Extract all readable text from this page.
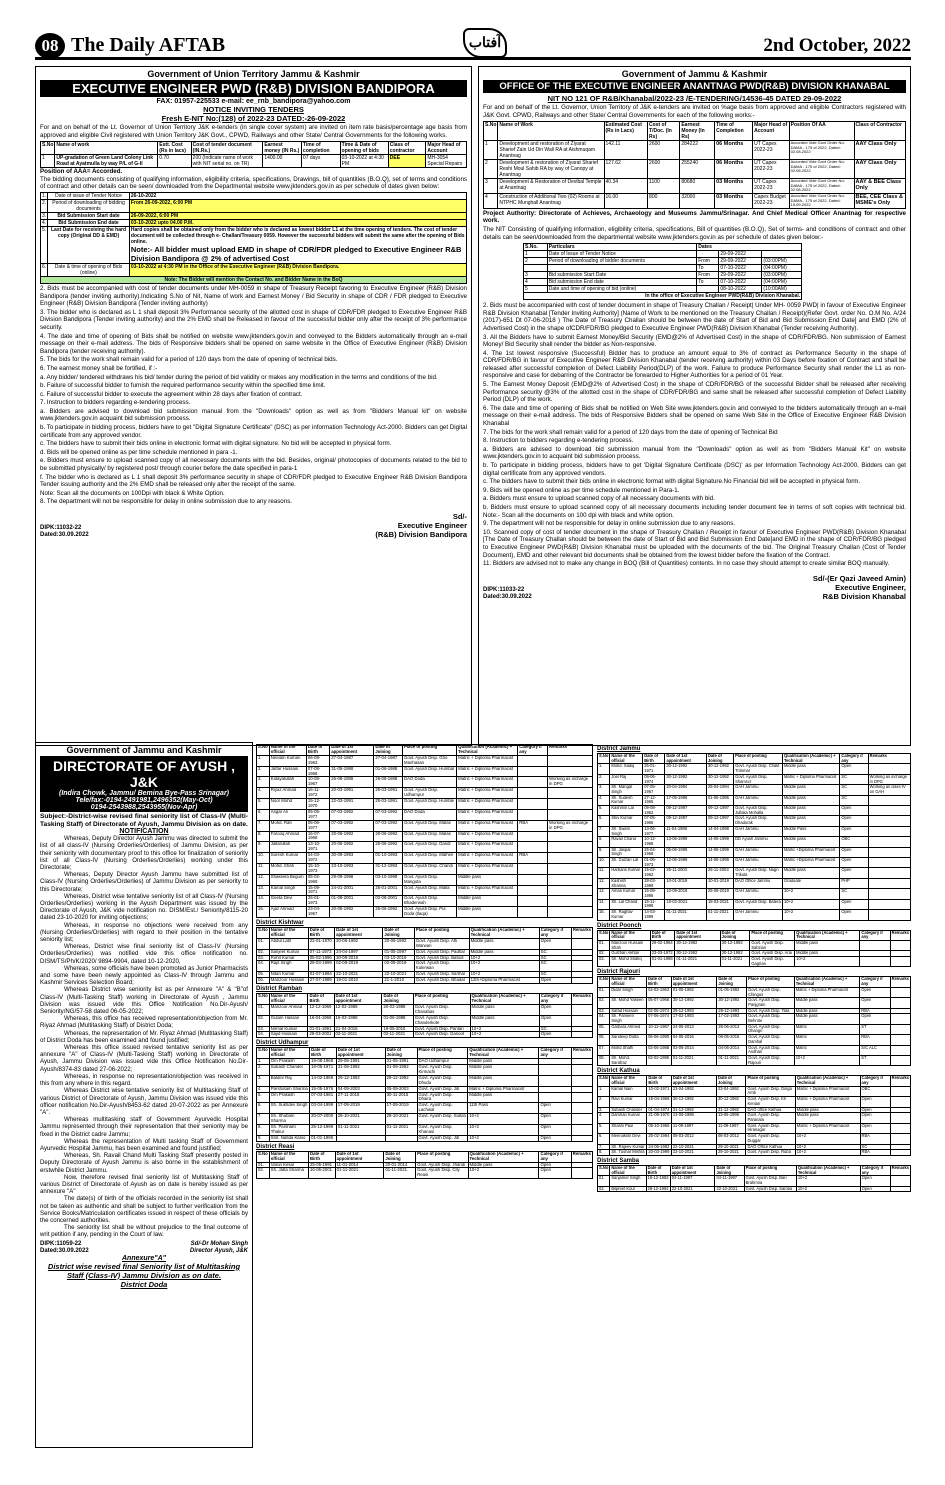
08 The Daily AFTAB	آفتاب	2nd October, 2022
Government of Union Territory Jammu & Kashmir
EXECUTIVE ENGINEER PWD (R&B) DIVISION BANDIPORA
FAX: 01957-225533 e-mail: ee_rnb_bandipora@yahoo.com
NOTICE INVITING TENDERS
Fresh E-NIT No:(128) of 2022-23 DATED:-26-09-2022
For and on behalf of the Lt. Governor of Union Territory J&K e-tenders (in single cover system) are invited on item rate basis/percentage age basis from approved and eligible Civil registered with Union Territory J&K Govt., CPWD, Railways and other State/ Central Governments for the following works.
S.No	Name of work	Estt. Cost (Rs in lacs)	Cost of tender document (IN.Rs.)	Earnest money (IN Rs.)	Time of completion	Time & Date of opening of bids	Class of contractor	Major Head of Account
1	UP-gradation of Green Land Colony Link Road at Ayatmulla by way P/L of G-II	0.70	200 (Indicate name of work with NIT serial no. on TR)	1400.00	07 days	03-10-2022 at 4:30 PM	DEE	MH-3054 Special Repairs
Position of AAA= Accorded.
The bidding documents consisting of qualifying information, eligibility criteria, specifications, Drawings, bill of quantities (B.O.Q), set of terms and conditions of contract and other details can be seen/ downloaded from the Departmental website www.jktenders.gov.in as per schedule of dates given below:
1.	Date of issue of Tender Notice	26-10-2022
2.	Period of downloading of bidding documents	From 26-09-2022, 6:00 PM
3.	Bid Submission Start date	26-09-2022, 6:00 PM
4.	Bid Submission End date	03-10-2022 upto 04.00 P.M.
5.	Last Date for receiving the hard copy (Original DD & EMD)	Hard copies shall be obtained only from the bidder who is declared as lowest bidder L1 at the time opening of tenders. The cost of tender document will be collected through e- Challan/Treasury 0059. However the successful bidders will submit the same after the opening of Bids online.
Note:- All bidder must upload EMD in shape of CDR/FDR pledged to Executive Engineer R&B Division Bandipora @ 2% of advertised Cost

6.	Date & time of opening of Bids (online)	03-10-2022 at 4:30 PM in the Office of the Executive Engineer (R&B) Division Bandipora.
Note: The Bidder will mention the Contact No. and Bidder Name in the BoQ		
2. Bids must be accompanied with cost of tender documents under MH-0059 in shape of Treasury Receipt favoring to Executive Engineer (R&B) Division Bandipora (tender inviting authority).Indicating S.No of Nit, Name of work and Earnest Money / Bid Security in shape of CDR / FDR pledged to Executive Engineer (R&B) Division Bandipora (Tender inviting authority)
3. The bidder who is declared as L 1 shall deposit 3% Performance security of the allotted cost in shape of CDR/FDR pledged to Executive Engineer R&B Division Bandipora (Tender inviting authority) and the 2% EMD shall be Released in favour of the successful bidder only after the receipt of 3% performance security.
4. The date and time of opening of Bids shall be notified on website www.jktenders.gov.in and conveyed to the Bidders automatically through an e-mail message on their e-mail address. The bids of Responsive bidders shall be opened on same website in the Office of Executive Engineer (R&B) Division Bandipora (tender receiving authority).
5. The bids for the work shall remain valid for a period of 120 days from the date of opening of technical bids.
6. The earnest money shall be fortified, if :-
a. Any bidder/ tendered withdraws his bid/ tender during the period of bid validity or makes any modification in the terms and conditions of the bid.
b. Failure of successful bidder to furnish the required performance security within the specified time limit.
c. Failure of successful bidder to execute the agreement within 28 days after fixation of contract.
7. Instruction to bidders regarding e-tendering process.
a. Bidders are advised to download bid submission manual from the "Downloads" option as well as from "Bidders Manual kit" on website www.jktenders.gov.in acquaint bid submission process.
b. To participate in bidding process, bidders have to get "Digital Signature Certificate" (DSC) as per information Technology Act-2000. Bidders can get Digital certificate from any approved vendor.
c. The bidders have to submit their bids online in electronic format with digital signature. No bid will be accepted in physical form.
d. Bids will be opened online as per time schedule mentioned in para -1.
e. Bidders must ensure to upload scanned copy of all necessary documents with the bid. Besides, original/ photocopies of documents related to the bid to be submitted physically/ by registered post/ through courier before the date specified in para-1
f. The bidder who is declared as L 1 shall deposit 3% performance security in shape of CDR/FDR pledged to Executive Engineer R&B Division Bandipora Tender issuing authority and the 2% EMD shall be released only after the receipt of the same.
Note: Scan all the documents on 100Dpi with black & White Option.
8. The department will not be responsible for delay in online submission due to any reasons.
Sd/-
Executive Engineer
(R&B) Division Bandipora
DIPK:11032-22
Dated:30.09.2022
Government of Jammu & Kashmir
OFFICE OF THE EXECUTIVE ENGINEER ANANTNAG PWD(R&B) DIVISION KHANABAL
NIT NO 121 OF R&B/Khanabal/2022-23 /E-TENDERING/14536-45 DATED 29-09-2022
For and on behalf of the Lt. Governor, Union Territory of J&K e-tenders are invited on %age basis from approved and eligible Contractors registered with J&K Govt. CPWD, Railways and other State/ Central Governments for each of the following works:-
S.No	Name of Work	Estimated Cost (Rs in Lacs)	Cost of T/Doc. (In Rs)	Earnest Money (In Rs)	Time of Completion	Major Head of Account	Position Of AA	Class of Contractor
1	Development and restoration of Ziyarat Sharief Zain Ud Din Wali RA at Aishmuqam Anantnag	142.11	2600	284222	06 Months	UT Capex 2022-23	Accorded Vide Govt Order No: DAMA - 175 of 2022, Dated: 02.08.2022	AAY Class Only
2	Development & restoration of Ziyarat Sharief Reshi Moul Sahib RA by way of Canopy at Anantnag	127.62	2600	255240	06 Months	UT Capex 2022-23	Accorded Vide Govt Order No: DAMA - 175 of 2022, Dated: 02.08.2022	AAY Class Only
3	Development & Restoration of Devibal Temple at Anantnag	40.34	1100	80680	03 Months	UT Capex 2022-23	Accorded Vide Govt Order No: DAMA - 175 of 2022, Dated: 02.08.2022	AAY & BEE Class Only
4	Construction of Additional Two (02) Rooms at NTPHC Munghall Anantnag	16.00	800	32000	03 Months	Capex Budget 2022-23	Accorded Vide Govt Order No: DAMA - 175 of 2022, Dated: 15.09.2022	BEE, CEE Class & MSME's Only
Project Authority: Directorate of Achieves, Archaeology and Museums Jammu/Srinagar. And Chief Medical Officer Anantnag for respective work.
The NIT Consisting of qualifying information, eligibility criteria, specifications, Bill of quantities (B.O.Q), Set of terms- and conditions of contract and other details can be seen/downloaded from the departmental website www.jktenders.gov.in as per schedule of dates given below:-
S.No.	Particulars	Dates		
1	Date of Issue of Tender Notice		29-09-2022	
2	Period of downloading of bidder documents	From	29-09-2022	(03:00PM)
		To	07-10-2022	(04:00PM)
3	Bid submission Start Date	From	29-09-2022	(03:00PM)
4	Bid submission End date	To	07-10-2022	(04:00PM)
5	Date and time of opening of bid (online)		08-10-2022	(10:00AM)
In the office of Executive Engineer PWD(R&B) Division Khanabal.				
2. Bids must be accompanied with cost of tender document in shape of Treasury Challan / Receipt| Under MH- 0059 PWD| in favour of Executive Engineer R&B Division Khanabal [Tender Inviting Authority] (Name of Work to be mentioned on the Treasury Challan / Receipt)(Refer Govt. order No. O.M No. A/24 (2017)-651 Dt 07-06-2018 ) The Date of Treasury Challan should be between the date of Start of Bid and Bid Submission End Date] and EMD (2% of Advertised Cost) in the shape ofCDR/FDR/BG pledged to Executive Engineer PWD(R&B) Division Khanabal (Tender receiving Authority).
3. All the Bidders have to submit Earnest Money/Bid Security (EMD@2% of Advertised Cost) in the shape of CDR/FDR/BG. Non submission of Earnest Money/ Bid Security shall render the bidder as Non-responsive.
4. The 1st lowest responsive (Successful) Bidder has to produce an amount equal to 3% of contract as Performance Security in the shape of CDR/FDR/BG in favour of Executive Engineer R&B Division Khanabal (tender receiving authority) within 03 Days before fixation of Contract and shall be released after successful completion of Defect Liability Period(DLP) of the work. Failure to produce Performance Security shall render the L1 as non-responsive and case for debarring of the Contractor be forwarded to Higher Authorities for a period of 01 Year.
5. The Earnest Money Deposit (EMD@2% of Advertised Cost) in the shape of CDR/FDR/BG of the successful Bidder shall be released after receiving Performance security @3% of the allotted cost in the shape of CDR/FDR/BG and same shall be released after successful completion of Defect Liability Period (DLP) of the work.
6. The date and time of opening of Bids shall be notified on Web Site www.jktenders.gov.in and conveyed to the bidders automatically through an e-mail message on their e-mail address. The bids of Responsive Bidders shall be opened on same Web Site in the Office of Executive Engineer R&B Division Khanabal
7. The bids for the work shall remain valid for a period of 120 days from the date of opening of Technical Bid
8. Instruction to bidders regarding e-tendering process.
a. Bidders are advised to download bid submission manual from the "Downloads" option as well as from "Bidders Manual Kit" on website www.jktenders.gov.in to acquaint bid submission process.
b. To participate in bidding process, bidders have to get 'Digital Signature Certificate (DSC)' as per Information Technology Act-2000. Bidders can get digital certificate from any approved vendors.
c. The bidders have to submit their bids online in electronic format with digital Signature.No Financial bid will be accepted in physical form.
9. Bids will be opened online as per time schedule mentioned in Para-1.
a. Bidders must ensure to upload scanned copy of all necessary documents with bid.
b. Bidders must ensure to upload scanned copy of all necessary documents including tender document fee in terms of soft copies with technical bid. Note:- Scan all the documents on 100 dpi with black and white option.
9. The department will not be responsible for delay in online submission due to any reasons.
10. Scanned copy of cost of tender document in the shape of Treasury Challan / Receipt in favour of Executive Engineer PWD(R&B) Division Khanabal [The Date of Treasury Challan should be between the date of Start of Bid and Bid Submission End Date]and EMD in the shape of CDR/FDR/BG pledged to Executive Engineer PWD(R&B) Division Khanabal must be uploaded with the documents of the bid. The Original Treasury Challan (Cost of Tender Document), EMD and other relevant bid documents shall be obtained from the lowest bidder before the fixation of the Contract.
11. Bidders are advised not to make any change in BOQ (Bill of Quantities) contents. In no case they should attempt to create similar BOQ manually.
Sd/-(Er Qazi Javeed Amin)
Executive Engineer,
R&B Division Khanabal
DIPK:11033-22
Dated:30.09.2022
Government of Jammu and Kashmir
DIRECTORATE OF AYUSH , J&K
(Indira Chowk, Jammu/ Bemina Bye-Pass Srinagar)
Tele/fax:-0194-2491981,2496352(May-Oct)
0194-2543988,2543955(Nov-Apr)
Subject:-District-wise revised final seniority list of Class-IV (Multi-Tasking Staff) of Directorate of Ayush, Jammu Division as on date.
NOTIFICATION
Whereas, Deputy Director Ayush Jammu was directed to submit the list of all class-IV (Nursing Orderlies/Orderlies) of Jammu Division, as per their seniority with documentary proof to this office for finalization of seniority list of all Class-IV (Nursing Orderlies/Orderlies) working under this Directorate;
Whereas, Deputy Director Ayush Jammu have submitted list of Class-IV (Nursing Orderlies/Orderlies) of Jammu Division as per seniority to this Directorate;
Whereas, District wise tentative seniority list of all Class-IV (Nursing Orderlies/Orderlies) working in the Ayush Department was issued by the Directorate of Ayush, J&K vide notification no. DISM/Est./ Seniority/8115-20 dated 23-10-2020 for inviting objections;
Whereas, in response no objections were received from any (Nursing Orderlies/Orderlies) with regard to their position in the tentative seniority list;
Whereas, District wise final seniority list of Class-IV (Nursing Orderlies/Orderlies) was notified vide this office notification no. DISM/TS/Ph/K/2020/ 9894-9904, dated 10-12-2020,
Whereas, some officials have been promoted as Junior Pharmacists and some have been newly appointed as Class-IV through Jammu and Kashmir Services Selection Board;
Whereas District wise seniority list as per Annexure "A" & "B"of Class-IV (Multi-Tasking Staff) working in Directorate of Ayush , Jammu Division was issued vide this Office Notification No.Dir-Ayush/ Seniority/NG/57-58 dated 06-05-2022;
Whereas, this office has received representation/objection from Mr. Riyaz Ahmad (Multitasking Staff) of District Doda;
Whereas, the representation of Mr. Riyaz Ahmad (Multitasking Staff) of District Doda has been examined and found justified;
Whereas this office issued revised tentative seniority list as per annexure "A" of Class-IV (Multi-Tasking Staff) working in Directorate of Ayush, Jammu Division was issued vide this Office Notification No.Dir-Ayush/8374-83 dated 27-06-2022;
Whereas, in response no representation/objection was received in this from any where in this regard.
Whereas District wise tentative seniority list of Multitasking Staff of various District of Directorate of Ayush, Jammu Division was issued vide this officer notification No.Dir-Ayush/8453-62 dated 20-07-2022 as per Annexure "A".
Whereas multitasking staff of Government Ayurvedic Hospital Jammu represented through their representation that their seniority may be fixed in the District cadre Jammu;
Whereas the representation of Multi tasking Staff of Government Ayurvedic Hospital Jammu, has been examined and found justified;
Whereas, Sh. Ravail Chand Multi Tasking Staff presently posted in Deputy Directorate of Ayush Jammu is also borne in the establishment of erstwhile District Jammu.
Now, therefore revised final seniority list of Multitasking Staff of various District of Directorate of Ayush as on date is hereby issued as per annexure "A"
The date(s) of birth of the officials recorded in the seniority list shall not be taken as authentic and shall be subject to further verification from the Service Books/Matriculation certificates issued in respect of these officials by the concerned authorities.
The seniority list shall be without prejudice to the final outcome of writ petition if any, pending in the Court of law.
DIPK:11059-22
Dated:30.09.2022
Sd/-Dr Mohan Singh
Director Ayush, J&K
Annexure"A"
District wise revised final Seniority list of Multitasking Staff (Class-IV) Jammu Division as on date.
District Doda
S.No	Name of the official	Date of Birth	Date of 1st appointment	Date of Joining	Place of posting	Qualification (Academic) + Technical	Category if any	Remarks
1.	Neelam Kumari	06-08-1963	27-04-1987	27-04-1987	Govt. Ayush Disp. Gho Manhasan	Matric + Diploma Pharmacist		
2.	Jaffar Hussain	07-08-1968	31-05-1988	01-06-1988	Govt. Ayush Disp. Humbal	Matric + Diploma Pharmacist		
3.	Kidayatullah	10-08-1967	26-08-1988	26-08-1988	DAO Doda	Matric + Diploma Pharmacist		Working as incharge in DPG
4.	Riyaz Ahmad	16-11-1972	20-03-1991	25-03-1991	Govt. Ayush Disp. Udhampur	Matric + Diploma Pharmacist		
5.	Noor Mohd	15-12-1970	22-03-1991	25-03-1991	Govt. Ayush Disp. Humble	Matric + Diploma Pharmacist		
6.	Asgar Ali	05-05-1977	07-03-1992	07-03-1992	DAO Doda	Matric + Diploma Pharmacist		
7.	Mohd. Rafi	05-06-1977	07-03-1992	07-03-1992	Govt. Ayush Disp. Malas	Matric + Diploma Pharmacist	RBA	Working as incharge in DPG
8.	Farooq Ahmad	16-07-1968	20-06-1992	20-06-1992	Govt. Ayush Disp. Malas	Matric + Diploma Pharmacist		
9.	Jallarullah	13-10-1971	20-06-1992	25-06-1992	Govt. Ayush Disp. Dandi	Matric + Diploma Pharmacist		
10.	Suresh Kumar	04-03-1972	30-09-1993	01-10-1993	Govt. Ayush Disp. Malheri	Matric + Diploma Pharmacist	RBA	
11.	Mohd. Shafi	15-10-1973	23-10-1993	31-12-1993	Govt. Ayush Disp. Chandi	Matric + Diploma Pharmacist		
12.	Shakeela Begum	05-02-1969	29-09-1998	03-10-1998	Govt. Ayush Disp. Mangota	Middle pass		
13.	Kamal Singh	15-09-1971	24-01-2001	25-01-2001	Govt. Ayush Disp. Malla	Matric + Diploma Pharmacist		
14.	Geeta Devi	26-01-1973	01-08-2001	02-08-2001	Govt. Ayush Disp. Bhaderwah	Middle pass		
15.	Ajaz Ahmad	23-04-1967	20-06-1992	25-06-1992	Govt. Ayush Disp. Pul Doda (Ilaqa)	Middle pass		
District Kishtwar
S.No	Name of the official	Date of Birth	Date of 1st appointment	Date of Joining	Place of posting	Qualification (Academic) + Technical	Category if any	Remarks
01.	Abdul Latif	22-01-1970	20-06-1992	20-06-1992	Govt. Ayush Disp. Afti Warwan	Middle pass	Open	
02.	Sanjeet Kumar	07-11-1973	24-04-1997	01-05-1997	Govt. Ayush Disp. Padhar	Middle pass	SC	
03.	Rohit Kumar	05-02-1996	30-09-2019	03-10-2019	Govt. Ayush Disp. Batoot	10+2	SC	
04.	Rajit Singh	28-03-1999	02-09-2019	02-09-2019	Govt. Ayush Disp. Kulerwan	10+2	SC	
05.	Nitan Kumar	01-07-1994	22-10-2021	22-10-2021	Govt. Ayush Disp. Sarthal	10+2	SC	
06.	Manzoor Hussain	27-07-1989	19-01-2010	21-1-2010	Govt. Ayush Disp. Bhadat	12th+Diploma Pharmacist	Open	
District Ramban
S.No	Name of the official	Date of Birth	Date of 1st appointment	Date of Joining	Place of posting	Qualification (Academic) + Technical	Category if any	Remarks
01.	Manzoor Ahmad	12-12-1969	12-02-1988	20-02-1988	Govt. Ayush Disp. Chanabas	Middle pass	Open	
02.	Gulam Hassan	16-04-1966	16-03-1988	01-06-1988	Govt. Ayush Disp. Chanderkote	Middle pass	Open	
03.	Nirmal Kumar	01-01-1991	21-04-2015	19-05-2015	Govt. Ayush Disp. Pantan	10+2	SC	
04.	Sajid Hussain	28-03-2001	02-11-2021	02-11-2021	Govt. Ayush Disp. Ganoot	10+2	Open	
District Udhampur
S.No	Name of the official	Date of Birth	Date of 1st appointment	Date of Joining	Place of posting	Qualification (Academic) + Technical	Category if any	Remarks
1.	Om Prakash	19-08-1968	29-05-1991	31-05-1991	DAO Udhampur	Middle pass		
2.	Subash Chander	18-05-1971	31-08-1992	01-09-1992	Govt. Ayush Disp. Kirmachi	Middle pass		
3.	Baldev Raj	14-02-1969	29-12-1992	29-12-1992	Govt. Ayush Disp. Dhudu	Middle pass		
4.	Parshotam Sharma	15-05-1976	04-09-2003	05-09-2003	Govt. Ayush Disp. Jib	Matric + Diploma Pharmacist		
5.	Om Prakash	07-03-1981	27-11-2015	30-11-2015	Govt. Ayush Disp. Dhaira	Middle pass		
6.	Sh. Sukhdev Singh	03-04-1999	17-09-2019	17-09-2019	Govt. Ayush Disp. Lachwal	11th Pass	Open	
7.	Sh. Shubam Sharma	20-07-2000	28-10-2021	28-10-2021	Govt. Ayush Disp. Sultan	10+2	Open	
8.	Sh. Parshant Thakur	25-12-1999	01-11-2021	01-11-2021	Govt. Ayush Disp. Khanasi	10+2	Open	
9.	Smt. Nafida Kaloo	01-01-1996			Govt. Ayush Disp. Jib	10+2	Open	
District Reasi
S.No	Name of the official	Date of Birth	Date of 1st appointment	Date of Joining	Place of posting	Qualification (Academic) + Technical	Category if any	Remarks
01.	Varun Kesar	25-05-1991	11-01-2014	20-01-2014	Govt. Ayush Disp. Jhandi	Middle pass	Open	
02.	Sh. Jatta Sharma	16-06-2001	01-11-2021	01-11-2021	Govt. Ayush Disp. City Reasi	10+2	Open	
District Jammu
S.No	Name of the official	Date of Birth	Date of 1st appointment	Date of Joining	Place of posting	Qualification (Academic) + Technical	Category if any	Remarks
1.	Mohd. Sadiq	26-01-1971	30-12-1992	30-12-1992	Govt. Ayush Disp. Chakt Trimmar	Middle pass	Open	
2.	Joel Raj	09-06-1974	30-12-1992	30-12-1992	Govt. Ayush Disp. Shamroz	Matric + Diploma Pharmacist	SC	Working as incharge in DPG
3.	Sh. Mangal Singh	07-05-1967	20-04-1994	25-04-1994	GAH Jammu	Middle pass	SC	Working as class-IV on GAH
4.	Sh. Sudesh Kumar	27-12-1966	17-05-1996	01-06-1996	GAH Jammu	Middle pass	SC	
5.	Kashmiri Lal	09-08-1962	09-12-1997	09-12-1997	Govt. Ayush Disp. Jullaka Mohalla	Middle pass	Open	
6.	Shiv Kumar	07-05-1965	09-12-1997	09-12-1997	Govt. Ayush Disp. Dhadorak	Middle pass	Open	
7.	Sh. Swarn Singh	13-06-1977	11-04-1998	14-04-1998	GAH Jammu	Middle Pass	Open	
8.	Ravail Chand	10-12-1968	13-06-1999	14-06-1999	DD Ayush Jammu	Middle pass	OBC	
9.	Sh. Jaspal Singh	25-04-1968	06-06-1999	14-06-1999	GAH Jammu	Matric +Diploma Pharmacist	Open	
10.	Sh. Gulzari Lal	01-06-1973	12-06-1999	14-06-1999	GAH Jammu	Matric +Diploma Pharmacist	Open	
11.	Harbans Kumar	15-02-1962	25-11-2003	25-11-2003	Govt. Ayush Disp. Nagri Trikuta	Middle pass	Open	
12.	Kashish Sharma	28-03-1999	10-01-2019	10-01-2019	DAO Office Jammu	Graduate	PHP	
13.	Aman Kumar	15-09-1996	10-09-2019	25-09-2019	GAH Jammu	10+2	SC	
14.	Sh. Lal Chand	15-11-1998	18-03-2021	18-03-2021	Govt. Ayush Disp. Batera	10+2	Open	
15.	Sh. Raghav Kumar	14-03-1999	01-11-2021	01-11-2021	GAH Jammu	10+2	Open	
District Poonch
S.No	Name of the official	Date of Birth	Date of 1st appointment	Date of Joining	Place of posting	Qualification (Academic) + Technical	Category if any	Remarks
01.	Manzoor Hussain Shah	29-02-1964	30-12-1992	30-12-1992	Govt. Ayush Disp. Sabzian	Middle pass		
02.	Gulzhan Akhtar	23-03-1972	30-12-1992	30-12-1992	Govt. Ayush Disp. Arai	Middle pass		
03.	Sh. Mohd Shafiq	01-01-1988	01-11-2021	01-11-2021	Govt. Ayush Disp. Gagrian	10+2		
District Rajouri
S.No	Name of the official	Date of Birth	Date of 1st appointment	Date of Joining	Place of posting	Qualification (Academic) + Technical	Category if any	Remarks
01.	Didar Singh	02-03-1963	01-05-1992	01-05-1992	Govt. Ayush Disp. Chingus	Matric + Diploma Pharmacist	Open	
02.	Sh. Mohd Yaseen	05-07-1968	30-12-1992	30-12-1992	Govt. Ayush Disp. Panjgrain	Middle pass	Open	
03.	Safad Hussain	02-06-1974	29-12-1993	29-12-1993	Govt. Ayush Disp. Tata	Middle pass	RBA	
04.	Sh. Parveen Singh	07-06-1974	17-02-1993	17-02-1993	Govt. Ayush Disp. Behrote	Middle pass	Open	
05.	Garbara Ahmed	10-12-1967	24-06-2013	26-06-2013	Govt. Ayush Disp. Dhangri	Matric	ST	
06.	Sandeep Dutta	06-06-1990	04-05-2016	06-05-2016	Govt. Ayush Disp. Damhal	Matric	RBA	
07.	Mohd Shaffi	02-06-1988	03-06-2014	04-06-2014	Govt. Ayush Disp. Andhari	Matric	S/C ALC	
08.	Sh. Mohd. Sarafraz	02-02-1995	01-11-2021	01-11-2021	Govt. Ayush Disp. Rajouri	10+2	ST	
District Kathua
S.No	Name of the official	Date of Birth	Date of 1st appointment	Date of Joining	Place of posting	Qualification (Academic) + Technical	Category if any	Remarks
1.	Kamal Nain	10-02-1971	23-04-1992	23-04-1992	Govt. Ayush Disp. Dinga Amb	Matric + Diploma Pharmacist	OBC	
2.	Ravi Kumar	15-04-1968	30-12-1992	30-12-1992	Govt. Ayush Disp. Kh Kenian	Matric + Diploma Pharmacist	Open	
3.	Subash Chander	01-04-1974	31-12-1992	31-12-1992	DAO office Kathua	Middle pass	Open	
4.	Darshan Kumar	21-09-1970	13-06-1998	13-06-1998	Govt. Ayush Disp. Paranala	Middle pass	Open	
5.	Shashi Paul	05-10-1966	11-09-1997	11-09-1997	Govt. Ayush Disp. Hiranagar	Matric + Diploma Pharmacist	Open	
6.	Meenakshi Devi	25-02-1994	08-03-2012	08-03-2012	Govt. Ayush Disp. Duggar	10+2	RBA	
7.	Sh. Rajeev Kumar	24-06-1982	22-10-2021	29-10-2021	DAO Office Kathua	10+2	SC	
8.	Sh. Tushar Mishra	20-03-1999	22-10-2021	29-10-2021	Govt. Ayush Disp. Ruba	10+2	RBA	
District Samba
S.No	Name of the official	Date of Birth	Date of 1st appointment	Date of Joining	Place of posting	Qualification (Academic) + Technical	Category if any	Remarks
01.	Sanjamer Singh	15-12-1992	04-11-1997	04-11-1997	Govt. Ayush Disp. Bari Brahmna	10+2	Open	
02.	Bilpreet Kour	28-12-1992	22-10-2021	22-10-2021	Govt. Ayush Disp. Samba	10+2	Open	
